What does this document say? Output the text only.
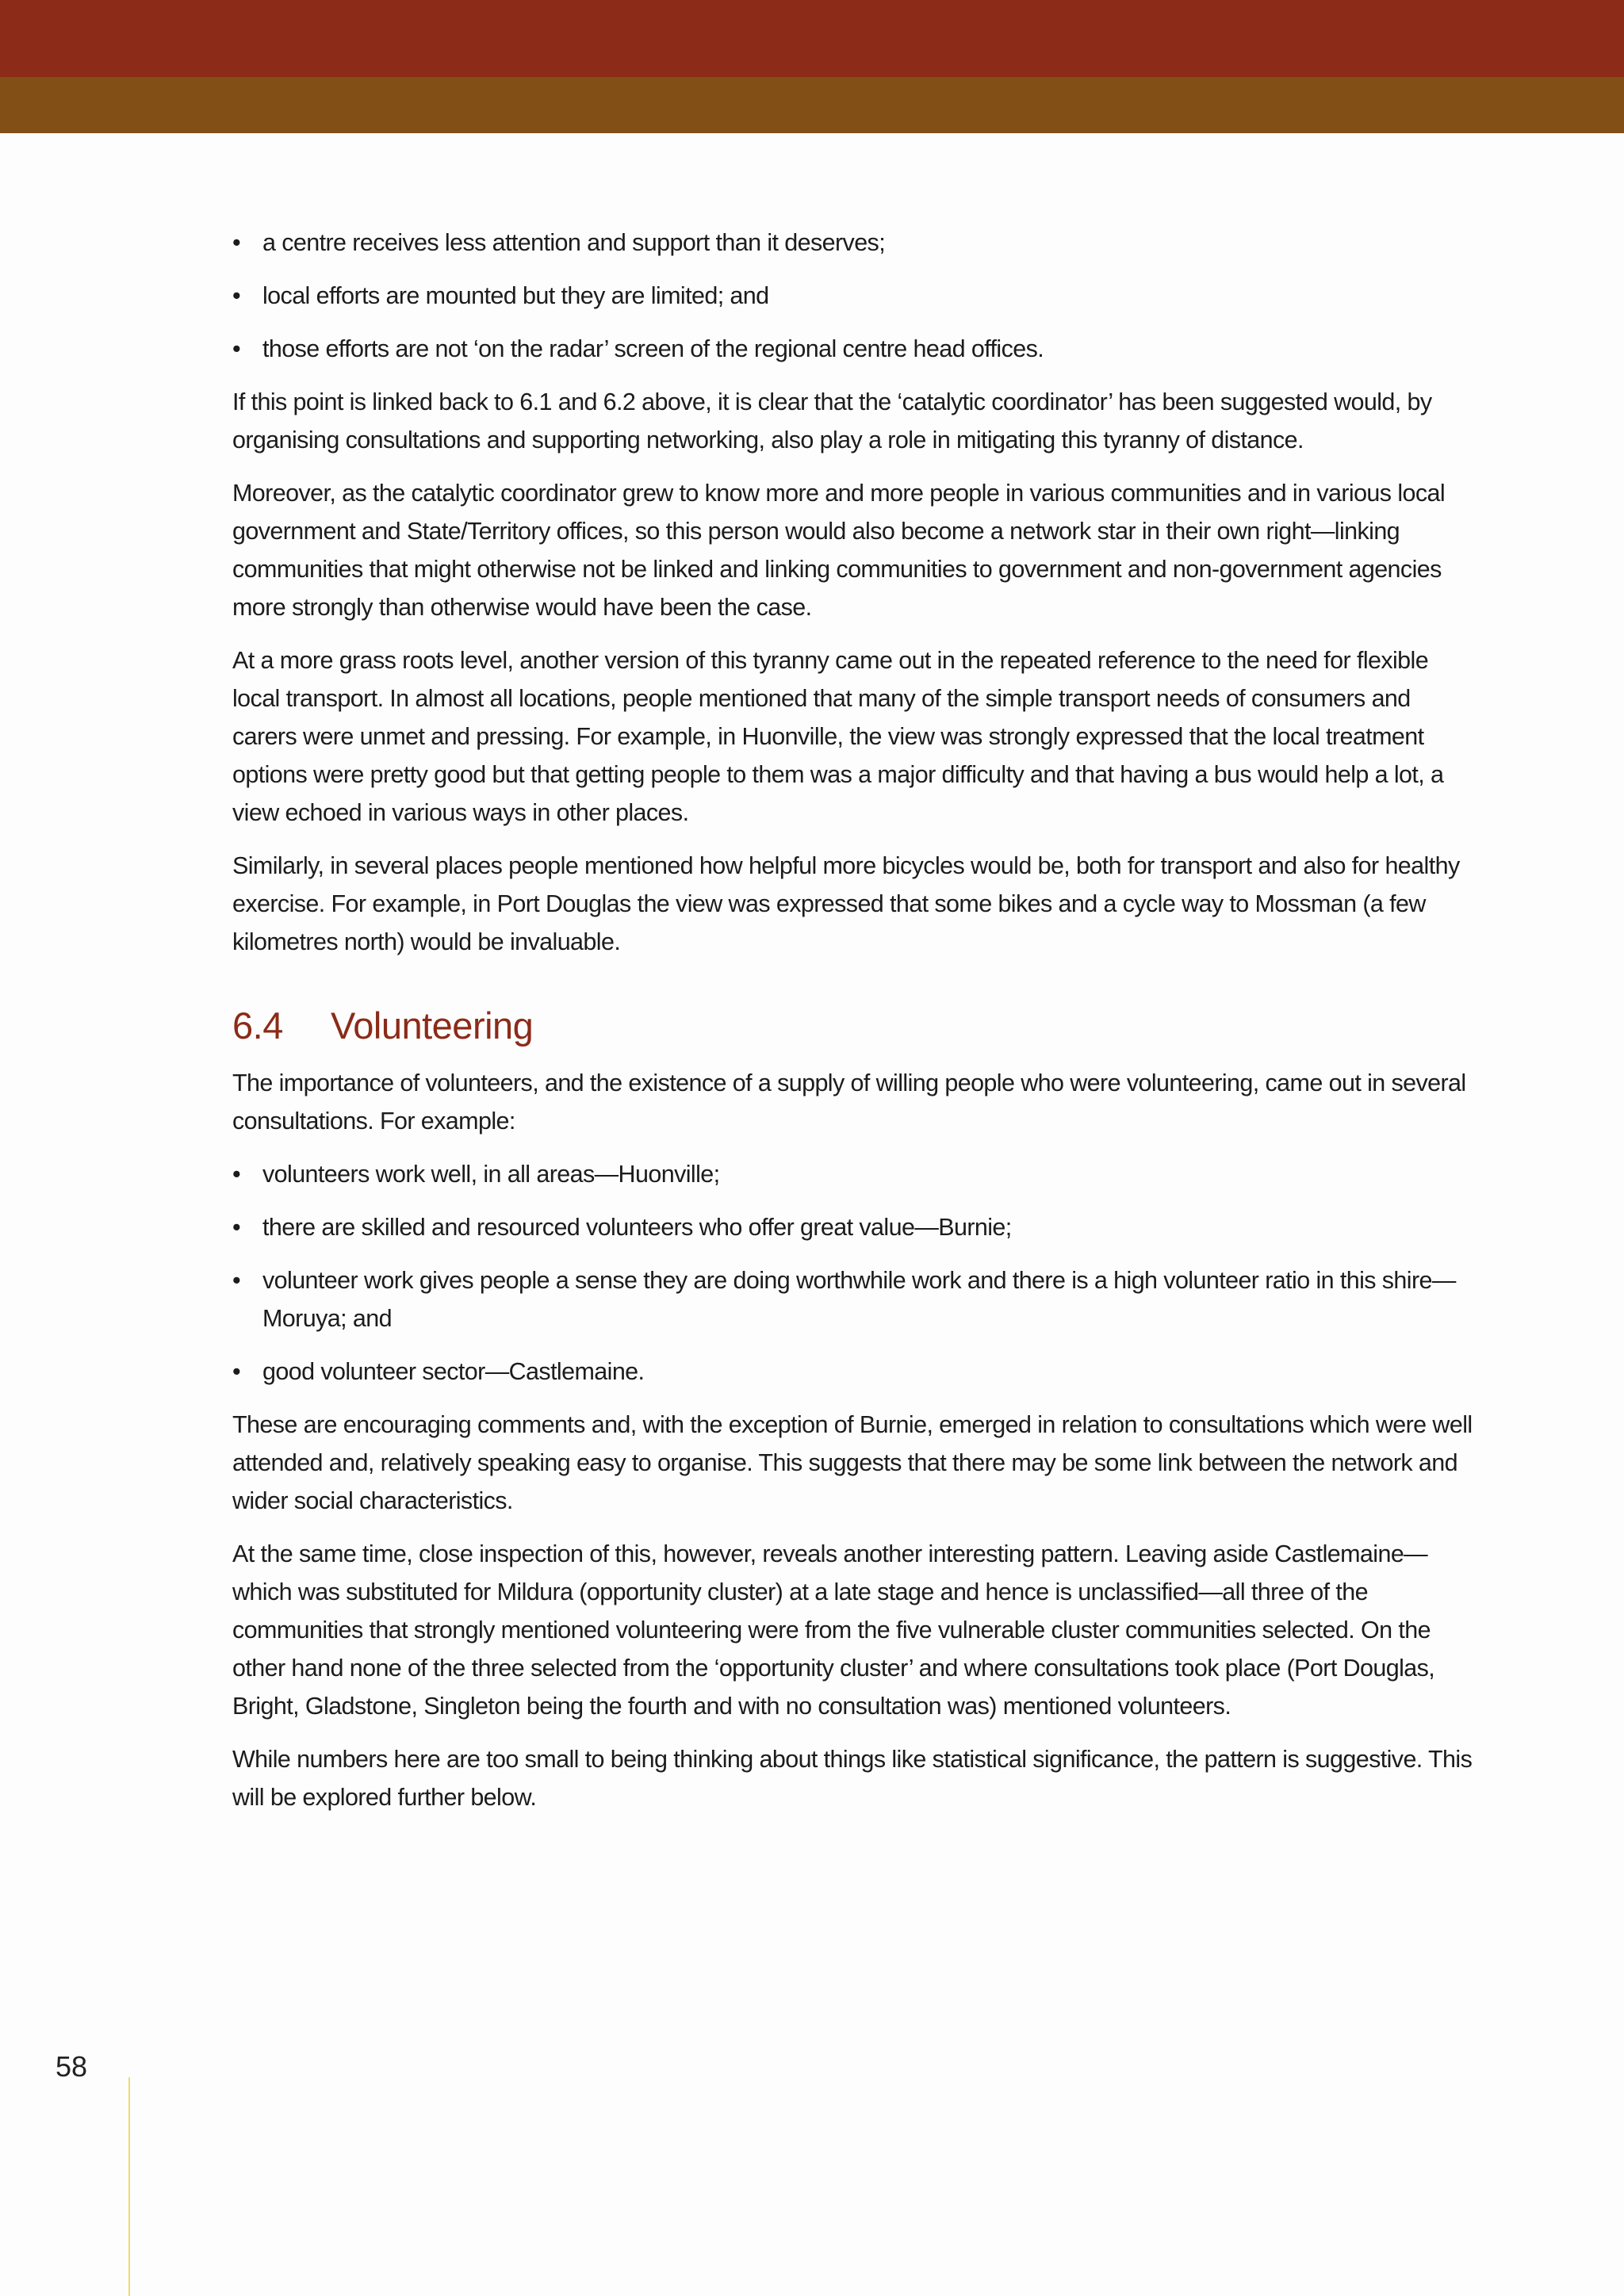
• a centre receives less attention and support than it deserves;
• local efforts are mounted but they are limited; and
• those efforts are not ‘on the radar’ screen of the regional centre head offices.

If this point is linked back to 6.1 and 6.2 above, it is clear that the ‘catalytic coordinator’ has been suggested would, by organising consultations and supporting networking, also play a role in mitigating this tyranny of distance.

Moreover, as the catalytic coordinator grew to know more and more people in various communities and in various local government and State/Territory offices, so this person would also become a network star in their own right—linking communities that might otherwise not be linked and linking communities to government and non-government agencies more strongly than otherwise would have been the case.

At a more grass roots level, another version of this tyranny came out in the repeated reference to the need for flexible local transport. In almost all locations, people mentioned that many of the simple transport needs of consumers and carers were unmet and pressing. For example, in Huonville, the view was strongly expressed that the local treatment options were pretty good but that getting people to them was a major difficulty and that having a bus would help a lot, a view echoed in various ways in other places.

Similarly, in several places people mentioned how helpful more bicycles would be, both for transport and also for healthy exercise. For example, in Port Douglas the view was expressed that some bikes and a cycle way to Mossman (a few kilometres north) would be invaluable.

6.4 Volunteering

The importance of volunteers, and the existence of a supply of willing people who were volunteering, came out in several consultations. For example:

• volunteers work well, in all areas—Huonville;
• there are skilled and resourced volunteers who offer great value—Burnie;
• volunteer work gives people a sense they are doing worthwhile work and there is a high volunteer ratio in this shire—Moruya; and
• good volunteer sector—Castlemaine.

These are encouraging comments and, with the exception of Burnie, emerged in relation to consultations which were well attended and, relatively speaking easy to organise. This suggests that there may be some link between the network and wider social characteristics.

At the same time, close inspection of this, however, reveals another interesting pattern. Leaving aside Castlemaine—which was substituted for Mildura (opportunity cluster) at a late stage and hence is unclassified—all three of the communities that strongly mentioned volunteering were from the five vulnerable cluster communities selected. On the other hand none of the three selected from the ‘opportunity cluster’ and where consultations took place (Port Douglas, Bright, Gladstone, Singleton being the fourth and with no consultation was) mentioned volunteers.

While numbers here are too small to being thinking about things like statistical significance, the pattern is suggestive. This will be explored further below.

58
